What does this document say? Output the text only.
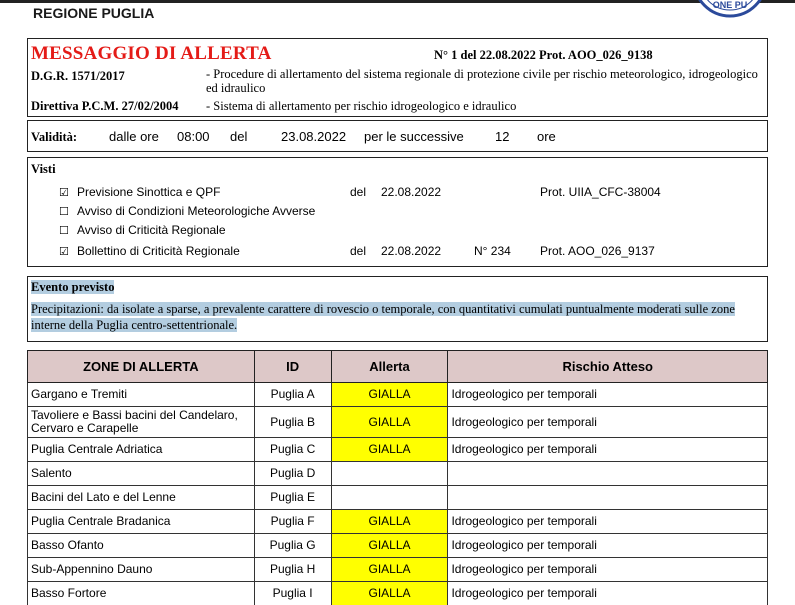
REGIONE PUGLIA	ONE PU
MESSAGGIO DI ALLERTA	N° 1 del 22.08.2022 Prot. AOO_026_9138
D.G.R. 1571/2017	- Procedure di allertamento del sistema regionale di protezione civile per rischio meteorologico, idrogeologico ed idraulico
Direttiva P.C.M. 27/02/2004 - Sistema di allertamento per rischio idrogeologico e idraulico
Validità: dalle ore 08:00 del	23.08.2022 per le successive 12 ore
Visti
☑ Previsione Sinottica e QPF	del 22.08.2022	Prot. UIIA_CFC-38004
☐ Avviso di Condizioni Meteorologiche Avverse
☐ Avviso di Criticità Regionale
☑ Bollettino di Criticità Regionale	del 22.08.2022	N° 234 Prot. AOO_026_9137
Evento previsto
Precipitazioni: da isolate a sparse, a prevalente carattere di rovescio o temporale, con quantitativi cumulati puntualmente moderati sulle zone interne della Puglia centro-settentrionale.
ZONE DI ALLERTA	ID	Allerta	Rischio Atteso
Gargano e Tremiti	Puglia A	GIALLA	Idrogeologico per temporali
Tavoliere e Bassi bacini del Candelaro, Cervaro e Carapelle	Puglia B	GIALLA	Idrogeologico per temporali
Puglia Centrale Adriatica	Puglia C	GIALLA	Idrogeologico per temporali
Salento	Puglia D		
Bacini del Lato e del Lenne	Puglia E		
Puglia Centrale Bradanica	Puglia F	GIALLA	Idrogeologico per temporali
Basso Ofanto	Puglia G	GIALLA	Idrogeologico per temporali
Sub-Appennino Dauno	Puglia H	GIALLA	Idrogeologico per temporali
Basso Fortore	Puglia I	GIALLA	Idrogeologico per temporali
